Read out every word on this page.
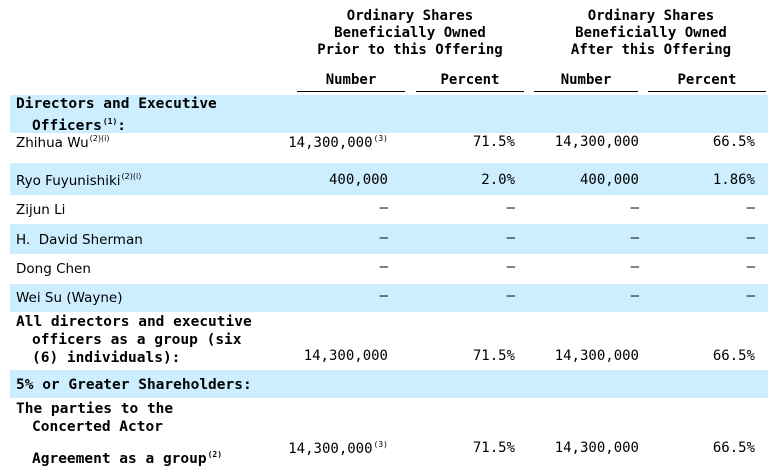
Ordinary Shares
Beneficially Owned
Prior to this Offering
Ordinary Shares
Beneficially Owned
After this Offering
Number	Percent	Number	Percent
Directors and Executive
Officers$^{(1)}$:
Zhihua $Wu^{(2)(i)}$	14,300,000$^{(3)}$	71.5%	14,300,000	66.5%
Ryo Fuyunishiki$^{(2)(i)}$	400,000	2.0%	400,000	1.86%
Zijun Li	—	—	—	—
H.  David Sherman	—	—	—	—
Dong Chen	—	—	—	—
Wei Su (Wayne)	—	—	—	—
All directors and executive
officers as a group (six
(6) individuals):	14,300,000	71.5%	14,300,000	66.5%
5% or Greater Shareholders:
The parties to the
Concerted Actor
Agreement as a group$^{(2)}$	14,300,000$^{(3)}$	71.5%	14,300,000	66.5%
